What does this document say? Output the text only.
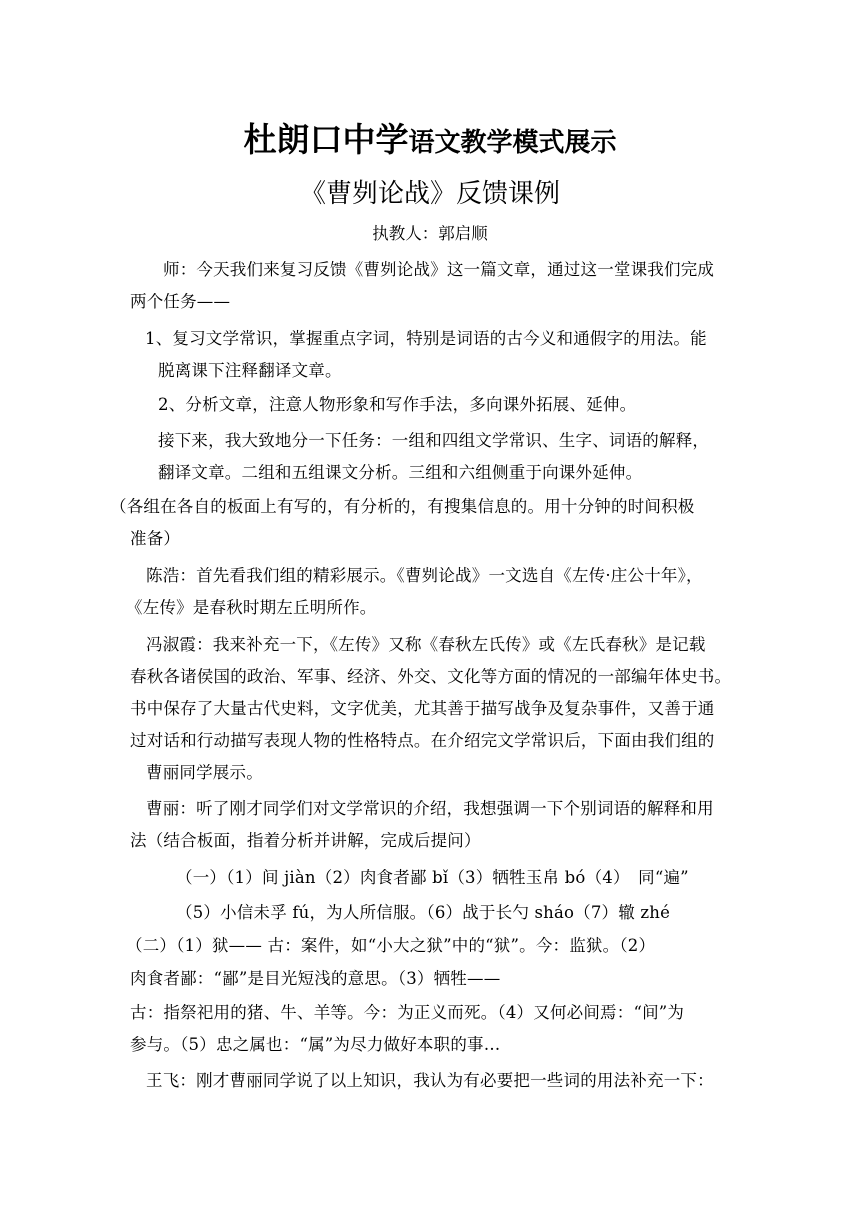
杜朗口中学语文教学模式展示
《曹刿论战》反馈课例
执教人：郭启顺
师：今天我们来复习反馈《曹刿论战》这一篇文章，通过这一堂课我们完成
两个任务——
1、复习文学常识，掌握重点字词，特别是词语的古今义和通假字的用法。能
脱离课下注释翻译文章。
2、分析文章，注意人物形象和写作手法，多向课外拓展、延伸。
接下来，我大致地分一下任务：一组和四组文学常识、生字、词语的解释，
翻译文章。二组和五组课文分析。三组和六组侧重于向课外延伸。
（各组在各自的板面上有写的，有分析的，有搜集信息的。用十分钟的时间积极
准备）
陈浩：首先看我们组的精彩展示。《曹刿论战》一文选自《左传·庄公十年》，
《左传》是春秋时期左丘明所作。
冯淑霞：我来补充一下，《左传》又称《春秋左氏传》或《左氏春秋》是记载
春秋各诸侯国的政治、军事、经济、外交、文化等方面的情况的一部编年体史书。
书中保存了大量古代史料，文字优美，尤其善于描写战争及复杂事件，又善于通
过对话和行动描写表现人物的性格特点。在介绍完文学常识后，下面由我们组的
曹丽同学展示。
曹丽：听了刚才同学们对文学常识的介绍，我想强调一下个别词语的解释和用
法（结合板面，指着分析并讲解，完成后提问）
（一）（1）间 jiàn（2）肉食者鄙 bǐ（3）牺牲玉帛 bó（4）　同“遍”
（5）小信未孚 fú，为人所信服。（6）战于长勺 sháo（7）辙 zhé
（二）（1）狱—— 古：案件，如“小大之狱”中的“狱”。今：监狱。（2）
肉食者鄙：“鄙”是目光短浅的意思。（3）牺牲——
古：指祭祀用的猪、牛、羊等。今：为正义而死。（4）又何必间焉：“间”为
参与。（5）忠之属也：“属”为尽力做好本职的事…
王飞：刚才曹丽同学说了以上知识，我认为有必要把一些词的用法补充一下：
